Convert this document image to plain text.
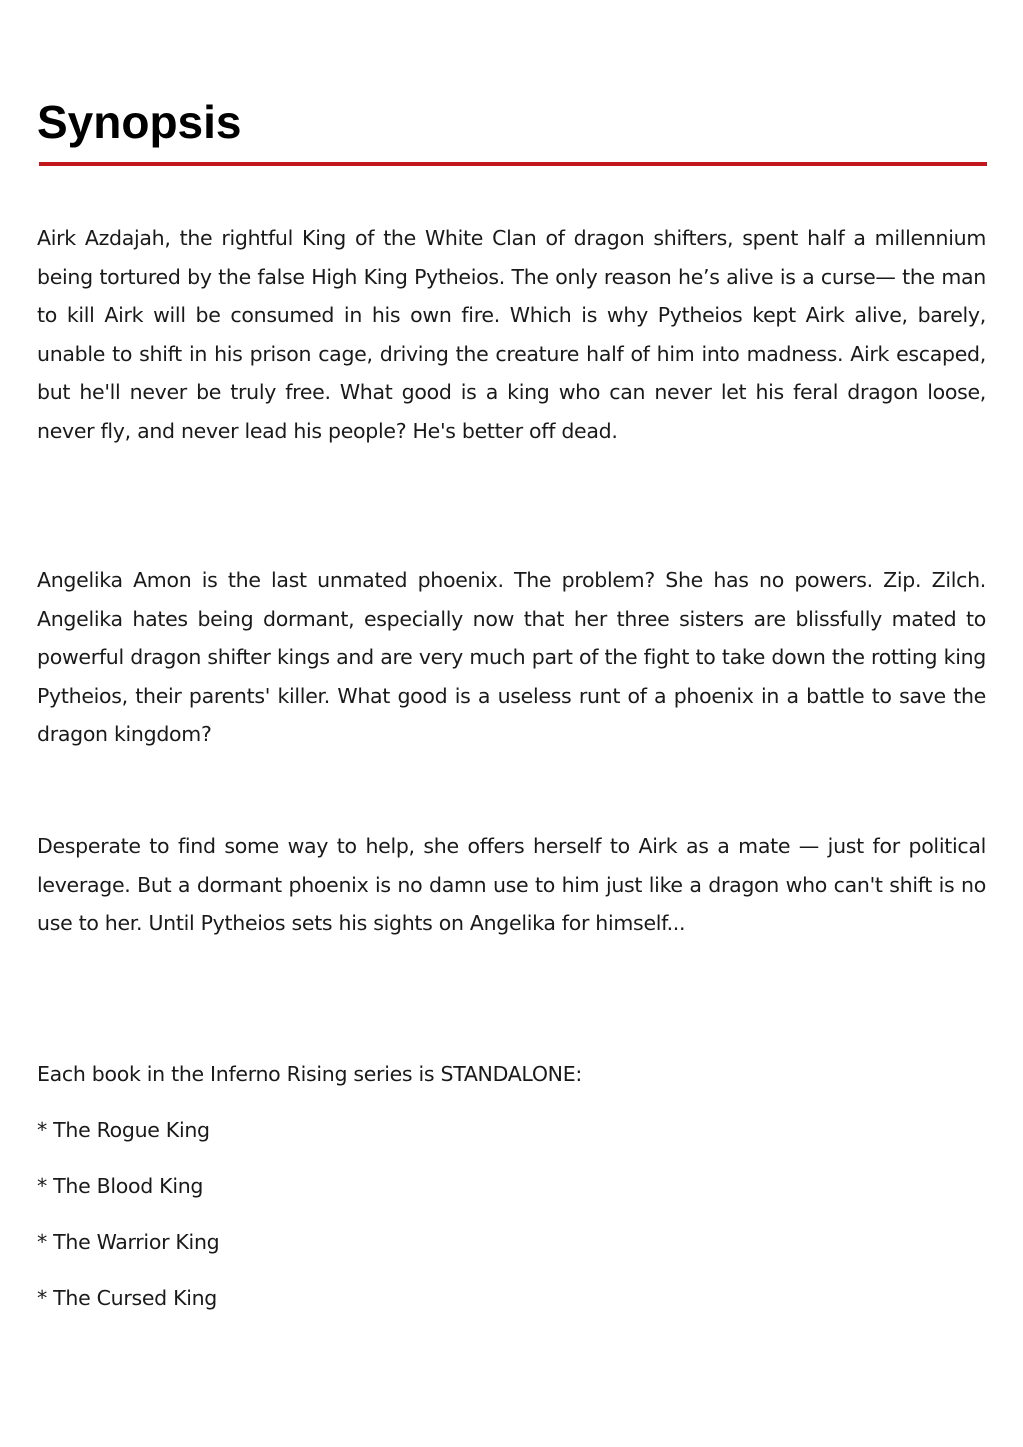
Synopsis

Airk Azdajah, the rightful King of the White Clan of dragon shifters, spent half a millennium being tortured by the false High King Pytheios. The only reason he’s alive is a curse— the man to kill Airk will be consumed in his own fire. Which is why Pytheios kept Airk alive, barely, unable to shift in his prison cage, driving the creature half of him into madness. Airk escaped, but he'll never be truly free. What good is a king who can never let his feral dragon loose, never fly, and never lead his people? He's better off dead.

Angelika Amon is the last unmated phoenix. The problem? She has no powers. Zip. Zilch. Angelika hates being dormant, especially now that her three sisters are blissfully mated to powerful dragon shifter kings and are very much part of the fight to take down the rotting king Pytheios, their parents' killer. What good is a useless runt of a phoenix in a battle to save the dragon kingdom?

Desperate to find some way to help, she offers herself to Airk as a mate — just for political leverage. But a dormant phoenix is no damn use to him just like a dragon who can't shift is no use to her. Until Pytheios sets his sights on Angelika for himself...

Each book in the Inferno Rising series is STANDALONE:

* The Rogue King

* The Blood King

* The Warrior King

* The Cursed King
